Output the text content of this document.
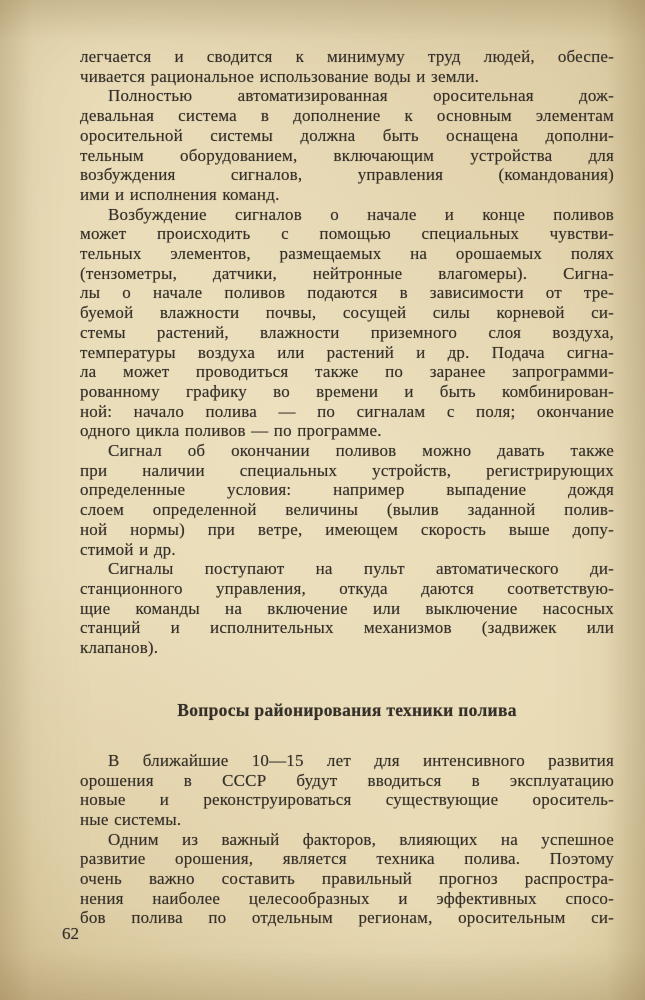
легчается и сводится к минимуму труд людей, обеспе-
чивается рациональное использование воды и земли.
Полностью автоматизированная оросительная дож-
девальная система в дополнение к основным элементам
оросительной системы должна быть оснащена дополни-
тельным оборудованием, включающим устройства для
возбуждения сигналов, управления (командования)
ими и исполнения команд.
Возбуждение сигналов о начале и конце поливов
может происходить с помощью специальных чувстви-
тельных элементов, размещаемых на орошаемых полях
(тензометры, датчики, нейтронные влагомеры). Сигна-
лы о начале поливов подаются в зависимости от тре-
буемой влажности почвы, сосущей силы корневой си-
стемы растений, влажности приземного слоя воздуха,
температуры воздуха или растений и др. Подача сигна-
ла может проводиться также по заранее запрограмми-
рованному графику во времени и быть комбинирован-
ной: начало полива — по сигналам с поля; окончание
одного цикла поливов — по программе.
Сигнал об окончании поливов можно давать также
при наличии специальных устройств, регистрирующих
определенные условия: например выпадение дождя
слоем определенной величины (вылив заданной полив-
ной нормы) при ветре, имеющем скорость выше допу-
стимой и др.
Сигналы поступают на пульт автоматического ди-
станционного управления, откуда даются соответствую-
щие команды на включение или выключение насосных
станций и исполнительных механизмов (задвижек или
клапанов).
Вопросы районирования техники полива
В ближайшие 10—15 лет для интенсивного развития
орошения в СССР будут вводиться в эксплуатацию
новые и реконструироваться существующие ороситель-
ные системы.
Одним из важный факторов, влияющих на успешное
развитие орошения, является техника полива. Поэтому
очень важно составить правильный прогноз распростра-
нения наиболее целесообразных и эффективных спосо-
бов полива по отдельным регионам, оросительным си-
62
